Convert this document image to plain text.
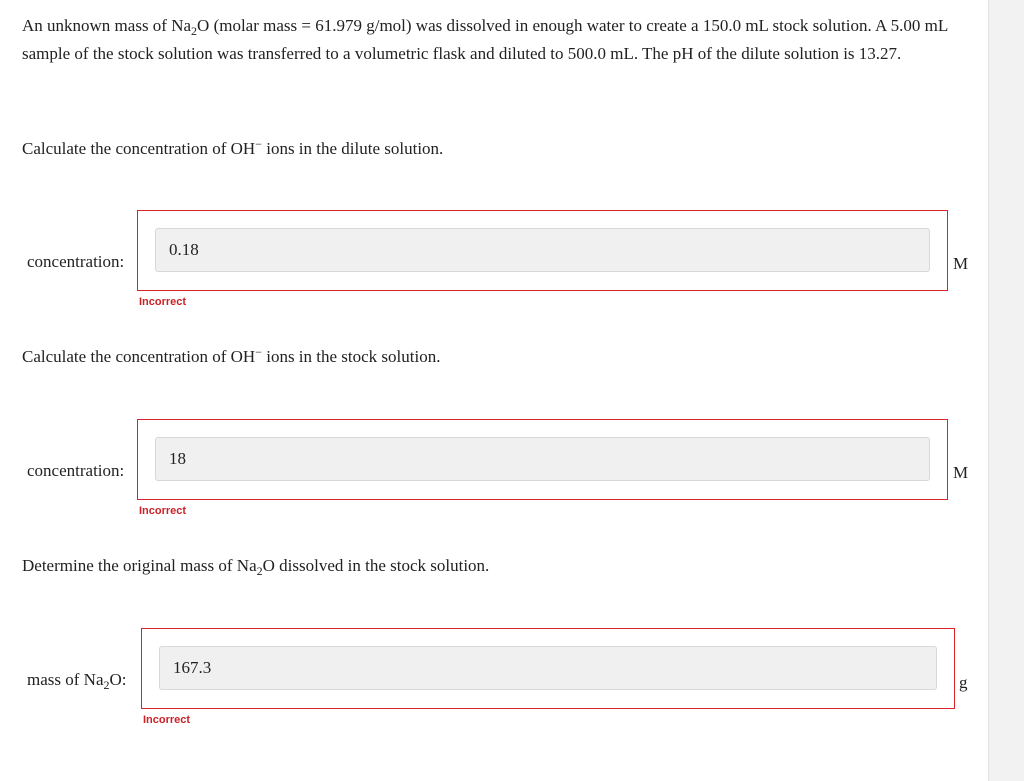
An unknown mass of $Na_2O$ (molar mass = 61.979 g/mol) was dissolved in enough water to create a 150.0 mL stock solution. A 5.00 mL sample of the stock solution was transferred to a volumetric flask and diluted to 500.0 mL. The pH of the dilute solution is 13.27.
Calculate the concentration of OH− ions in the dilute solution.
concentration:
0.18	M
Incorrect
Calculate the concentration of OH− ions in the stock solution.
concentration:
18	M
Incorrect
Determine the original mass of $Na_2O$ dissolved in the stock solution.
mass of $Na_2O$:
167.3	g
Incorrect
